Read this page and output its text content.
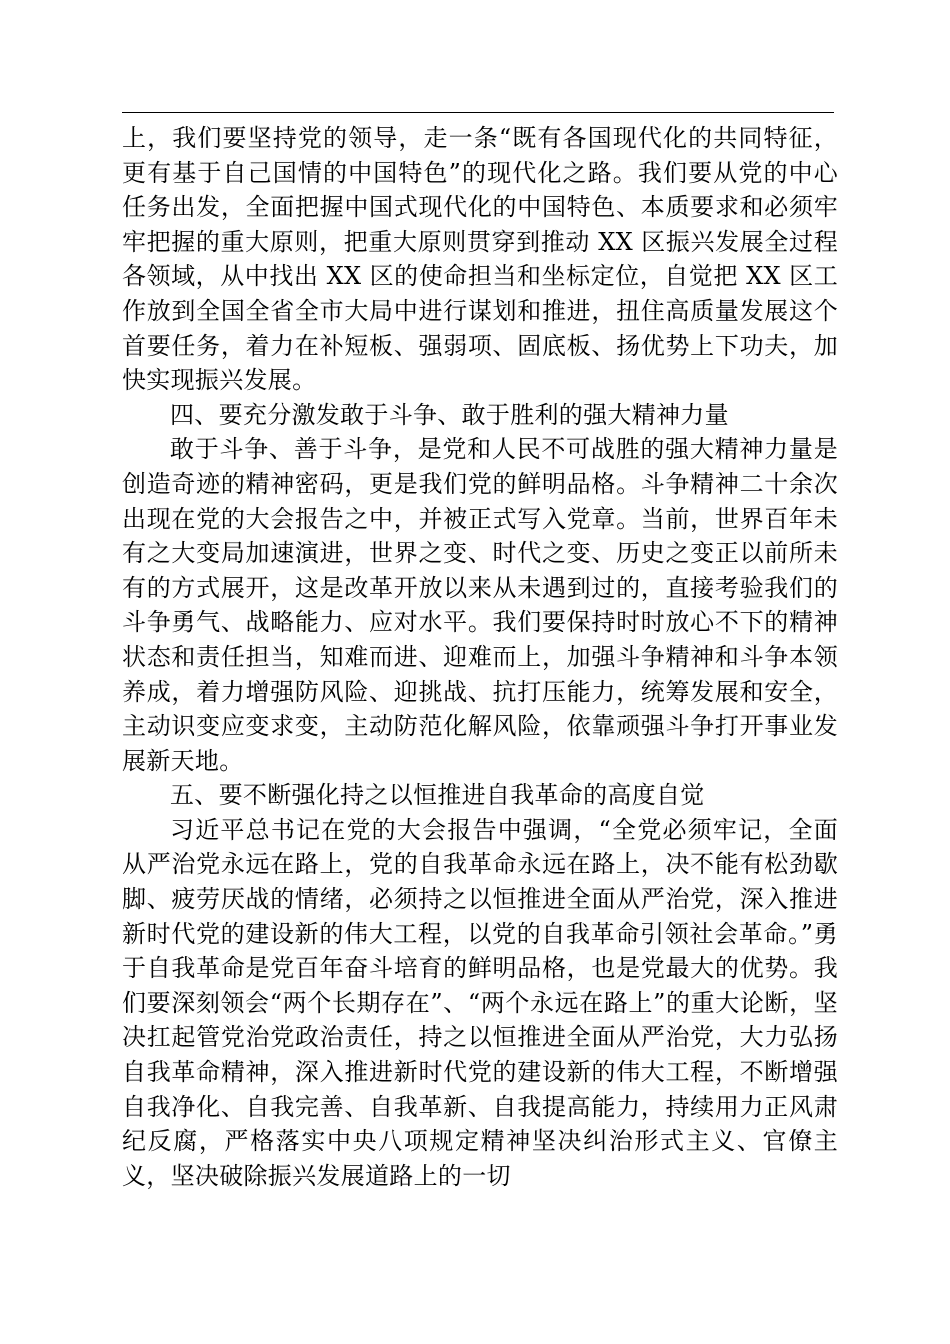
上，我们要坚持党的领导，走一条“既有各国现代化的共同特征，更有基于自己国情的中国特色”的现代化之路。我们要从党的中心任务出发，全面把握中国式现代化的中国特色、本质要求和必须牢牢把握的重大原则，把重大原则贯穿到推动 XX 区振兴发展全过程各领域，从中找出 XX 区的使命担当和坐标定位，自觉把 XX 区工作放到全国全省全市大局中进行谋划和推进，扭住高质量发展这个首要任务，着力在补短板、强弱项、固底板、扬优势上下功夫，加快实现振兴发展。

四、要充分激发敢于斗争、敢于胜利的强大精神力量

敢于斗争、善于斗争，是党和人民不可战胜的强大精神力量是创造奇迹的精神密码，更是我们党的鲜明品格。斗争精神二十余次出现在党的大会报告之中，并被正式写入党章。当前，世界百年未有之大变局加速演进，世界之变、时代之变、历史之变正以前所未有的方式展开，这是改革开放以来从未遇到过的，直接考验我们的斗争勇气、战略能力、应对水平。我们要保持时时放心不下的精神状态和责任担当，知难而进、迎难而上，加强斗争精神和斗争本领养成，着力增强防风险、迎挑战、抗打压能力，统筹发展和安全，主动识变应变求变，主动防范化解风险，依靠顽强斗争打开事业发展新天地。

五、要不断强化持之以恒推进自我革命的高度自觉

习近平总书记在党的大会报告中强调，“全党必须牢记，全面从严治党永远在路上，党的自我革命永远在路上，决不能有松劲歇脚、疲劳厌战的情绪，必须持之以恒推进全面从严治党，深入推进新时代党的建设新的伟大工程，以党的自我革命引领社会革命。”勇于自我革命是党百年奋斗培育的鲜明品格，也是党最大的优势。我们要深刻领会“两个长期存在”、“两个永远在路上”的重大论断，坚决扛起管党治党政治责任，持之以恒推进全面从严治党，大力弘扬自我革命精神，深入推进新时代党的建设新的伟大工程，不断增强自我净化、自我完善、自我革新、自我提高能力，持续用力正风肃纪反腐，严格落实中央八项规定精神坚决纠治形式主义、官僚主义，坚决破除振兴发展道路上的一切
